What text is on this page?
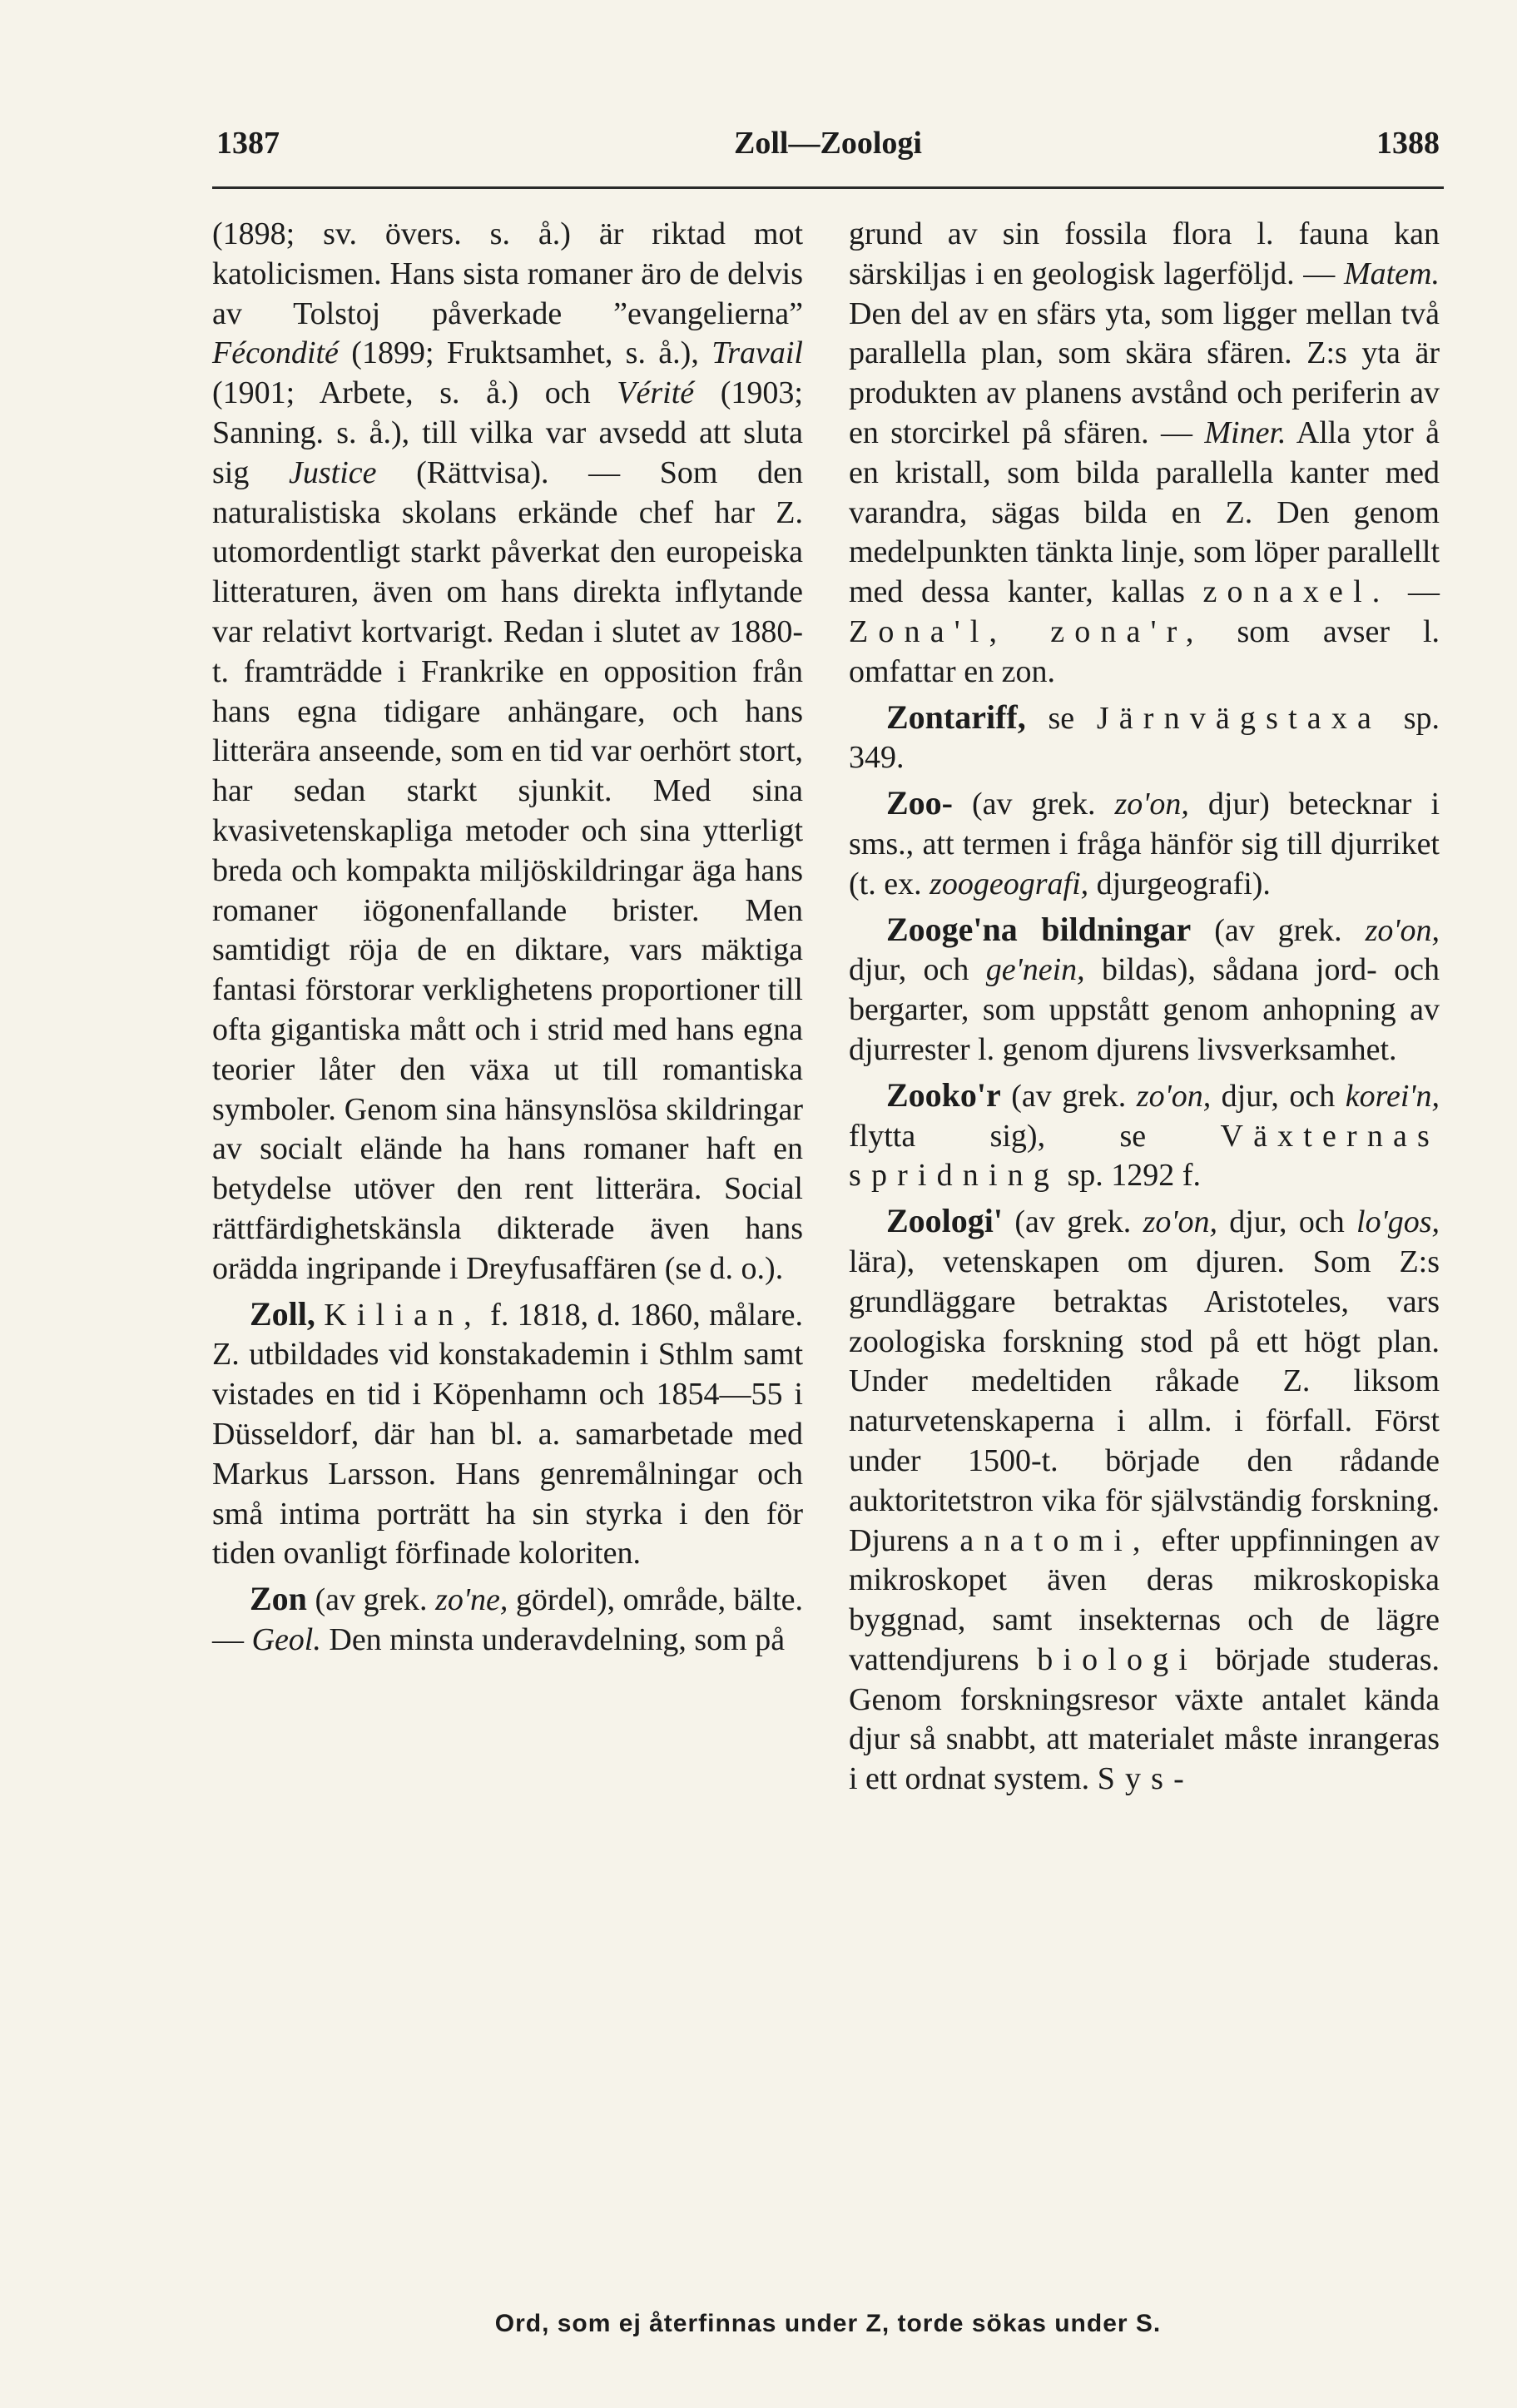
1387	Zoll—Zoologi	1388

(1898; sv. övers. s. å.) är riktad mot katolicismen. Hans sista romaner äro de delvis av Tolstoj påverkade ”evangelierna” Fécondité (1899; Fruktsamhet, s. å.), Travail (1901; Arbete, s. å.) och Vérité (1903; Sanning. s. å.), till vilka var avsedd att sluta sig Justice (Rättvisa). — Som den naturalistiska skolans erkände chef har Z. utomordentligt starkt påverkat den europeiska litteraturen, även om hans direkta inflytande var relativt kortvarigt. Redan i slutet av 1880-t. framträdde i Frankrike en opposition från hans egna tidigare anhängare, och hans litterära anseende, som en tid var oerhört stort, har sedan starkt sjunkit. Med sina kvasivetenskapliga metoder och sina ytterligt breda och kompakta miljöskildringar äga hans romaner iögonenfallande brister. Men samtidigt röja de en diktare, vars mäktiga fantasi förstorar verklighetens proportioner till ofta gigantiska mått och i strid med hans egna teorier låter den växa ut till romantiska symboler. Genom sina hänsynslösa skildringar av socialt elände ha hans romaner haft en betydelse utöver den rent litterära. Social rättfärdighetskänsla dikterade även hans orädda ingripande i Dreyfusaffären (se d. o.).

Zoll, Kilian, f. 1818, d. 1860, målare. Z. utbildades vid konstakademin i Sthlm samt vistades en tid i Köpenhamn och 1854—55 i Düsseldorf, där han bl. a. samarbetade med Markus Larsson. Hans genremålningar och små intima porträtt ha sin styrka i den för tiden ovanligt förfinade koloriten.

Zon (av grek. zo'ne, gördel), område, bälte. — Geol. Den minsta underavdelning, som på

grund av sin fossila flora l. fauna kan särskiljas i en geologisk lagerföljd. — Matem. Den del av en sfärs yta, som ligger mellan två parallella plan, som skära sfären. Z:s yta är produkten av planens avstånd och periferin av en storcirkel på sfären. — Miner. Alla ytor å en kristall, som bilda parallella kanter med varandra, sägas bilda en Z. Den genom medelpunkten tänkta linje, som löper parallellt med dessa kanter, kallas zonaxel. — Zona'l, zona'r, som avser l. omfattar en zon.

Zontariff, se Järnvägstaxa sp. 349.

Zoo- (av grek. zo'on, djur) betecknar i sms., att termen i fråga hänför sig till djurriket (t. ex. zoogeografi, djurgeografi).

Zooge'na bildningar (av grek. zo'on, djur, och ge'nein, bildas), sådana jord- och bergarter, som uppstått genom anhopning av djurrester l. genom djurens livsverksamhet.

Zooko'r (av grek. zo'on, djur, och korei'n, flytta sig), se Växternas spridning sp. 1292 f.

Zoologi' (av grek. zo'on, djur, och lo'gos, lära), vetenskapen om djuren. Som Z:s grundläggare betraktas Aristoteles, vars zoologiska forskning stod på ett högt plan. Under medeltiden råkade Z. liksom naturvetenskaperna i allm. i förfall. Först under 1500-t. började den rådande auktoritetstron vika för självständig forskning. Djurens anatomi, efter uppfinningen av mikroskopet även deras mikroskopiska byggnad, samt insekternas och de lägre vattendjurens biologi började studeras. Genom forskningsresor växte antalet kända djur så snabbt, att materialet måste inrangeras i ett ordnat system. Sys-

Ord, som ej återfinnas under Z, torde sökas under S.
